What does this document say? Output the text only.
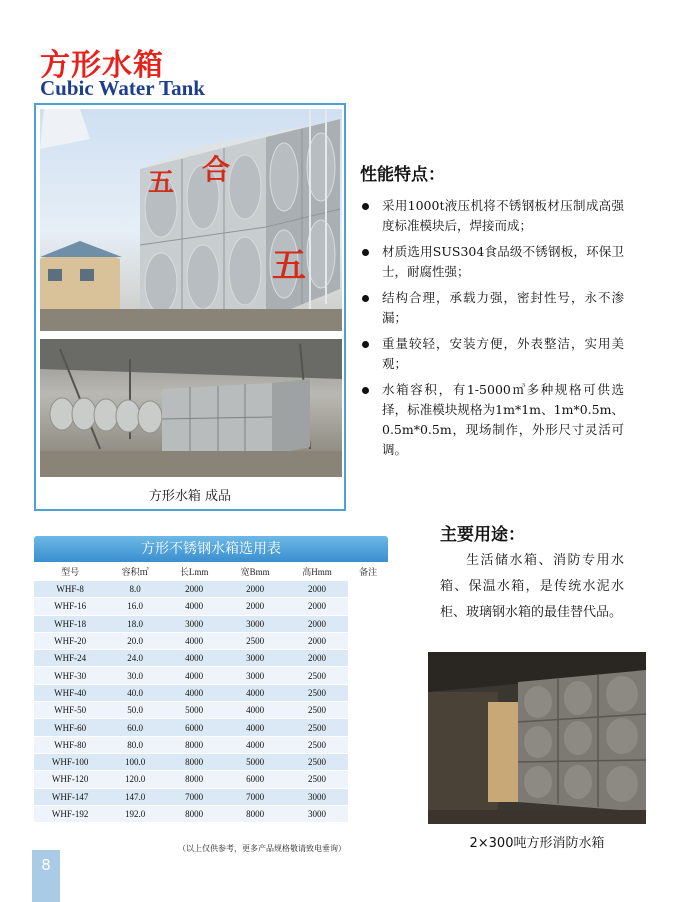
方形水箱
Cubic Water Tank
五 合
五
方形水箱 成品
性能特点：
采用1000t液压机将不锈钢板材压制成高强度标准模块后，焊接而成；
材质选用SUS304食品级不锈钢板，环保卫士，耐腐性强；
结构合理，承载力强，密封性号，永不渗漏；
重量较轻，安装方便，外表整洁，实用美观；
水箱容积，有1-5000㎥多种规格可供选择，标准模块规格为1m*1m、1m*0.5m、0.5m*0.5m，现场制作，外形尺寸灵活可调。
主要用途：
生活储水箱、消防专用水箱、保温水箱，是传统水泥水柜、玻璃钢水箱的最佳替代品。
2×300吨方形消防水箱
方形不锈钢水箱选用表
型号	容积㎥	长Lmm	宽Bmm	高Hmm	备注
WHF-8	8.0	2000	2000	2000	
WHF-16	16.0	4000	2000	2000	
WHF-18	18.0	3000	3000	2000	
WHF-20	20.0	4000	2500	2000	
WHF-24	24.0	4000	3000	2000	
WHF-30	30.0	4000	3000	2500	
WHF-40	40.0	4000	4000	2500	
WHF-50	50.0	5000	4000	2500	
WHF-60	60.0	6000	4000	2500	
WHF-80	80.0	8000	4000	2500	
WHF-100	100.0	8000	5000	2500	
WHF-120	120.0	8000	6000	2500	
WHF-147	147.0	7000	7000	3000	
WHF-192	192.0	8000	8000	3000	
（以上仅供参考，更多产品规格敬请致电垂询）
8
